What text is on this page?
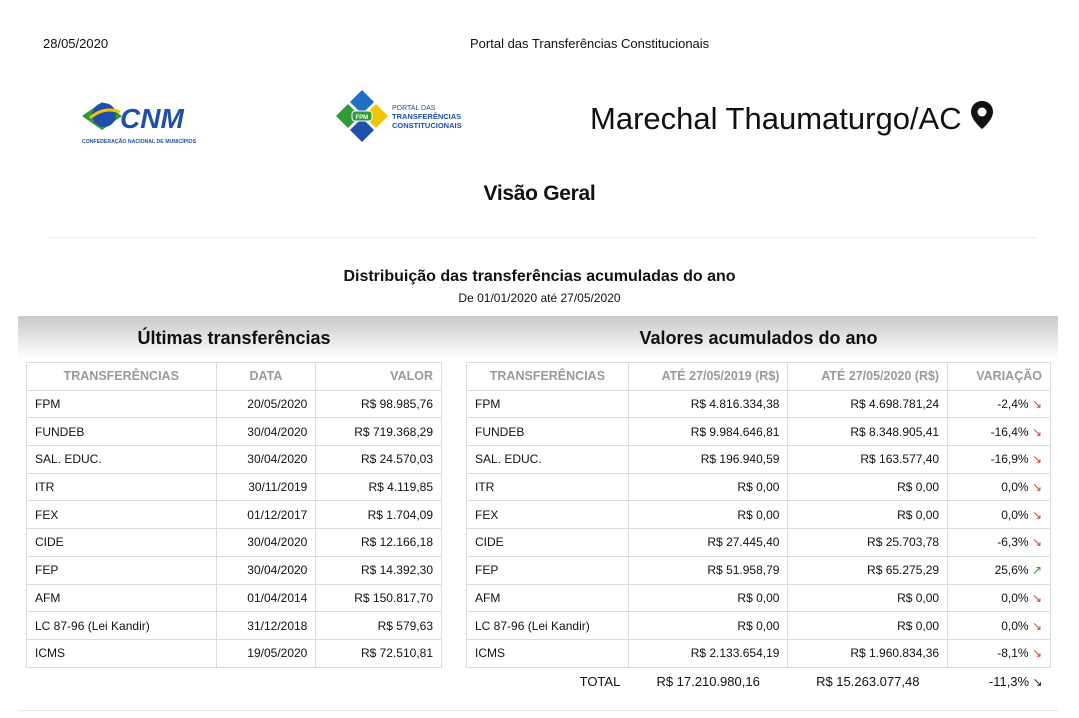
28/05/2020	Portal das Transferências Constitucionais
CNM
CONFEDERAÇÃO NACIONAL DE MUNICÍPIOS
FPM
PORTAL DAS
TRANSFERÊNCIAS
CONSTITUCIONAIS	Marechal Thaumaturgo/AC
Visão Geral
Distribuição das transferências acumuladas do ano
De 01/01/2020 até 27/05/2020
Últimas transferências	Valores acumulados do ano
TRANSFERÊNCIAS	DATA	VALOR
FPM	20/05/2020	R$ 98.985,76
FUNDEB	30/04/2020	R$ 719.368,29
SAL. EDUC.	30/04/2020	R$ 24.570,03
ITR	30/11/2019	R$ 4.119,85
FEX	01/12/2017	R$ 1.704,09
CIDE	30/04/2020	R$ 12.166,18
FEP	30/04/2020	R$ 14.392,30
AFM	01/04/2014	R$ 150.817,70
LC 87-96 (Lei Kandir)	31/12/2018	R$ 579,63
ICMS	19/05/2020	R$ 72.510,81
TRANSFERÊNCIAS	ATÉ 27/05/2019 (R$)	ATÉ 27/05/2020 (R$)	VARIAÇÃO
FPM	R$ 4.816.334,38	R$ 4.698.781,24	-2,4% ↘
FUNDEB	R$ 9.984.646,81	R$ 8.348.905,41	-16,4% ↘
SAL. EDUC.	R$ 196.940,59	R$ 163.577,40	-16,9% ↘
ITR	R$ 0,00	R$ 0,00	0,0% ↘
FEX	R$ 0,00	R$ 0,00	0,0% ↘
CIDE	R$ 27.445,40	R$ 25.703,78	-6,3% ↘
FEP	R$ 51.958,79	R$ 65.275,29	25,6% ↗
AFM	R$ 0,00	R$ 0,00	0,0% ↘
LC 87-96 (Lei Kandir)	R$ 0,00	R$ 0,00	0,0% ↘
ICMS	R$ 2.133.654,19	R$ 1.960.834,36	-8,1% ↘
TOTAL	R$ 17.210.980,16	R$ 15.263.077,48	-11,3% ↘
